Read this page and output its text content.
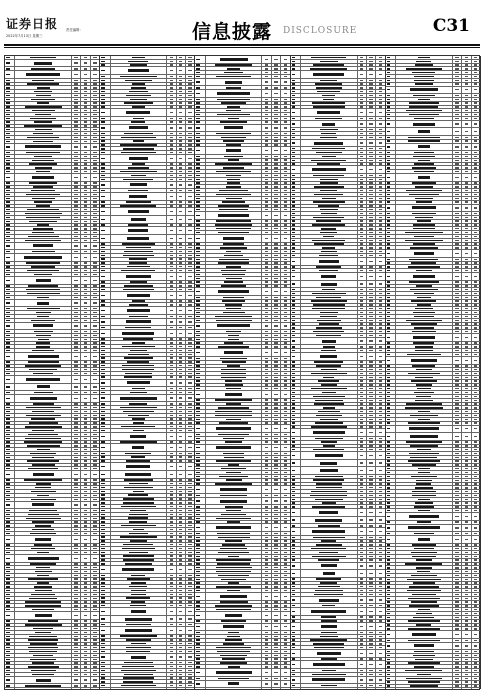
证券日报
2022年7月13日 星期三
责任编辑：	信息披露 DISCLOSURE	C31
